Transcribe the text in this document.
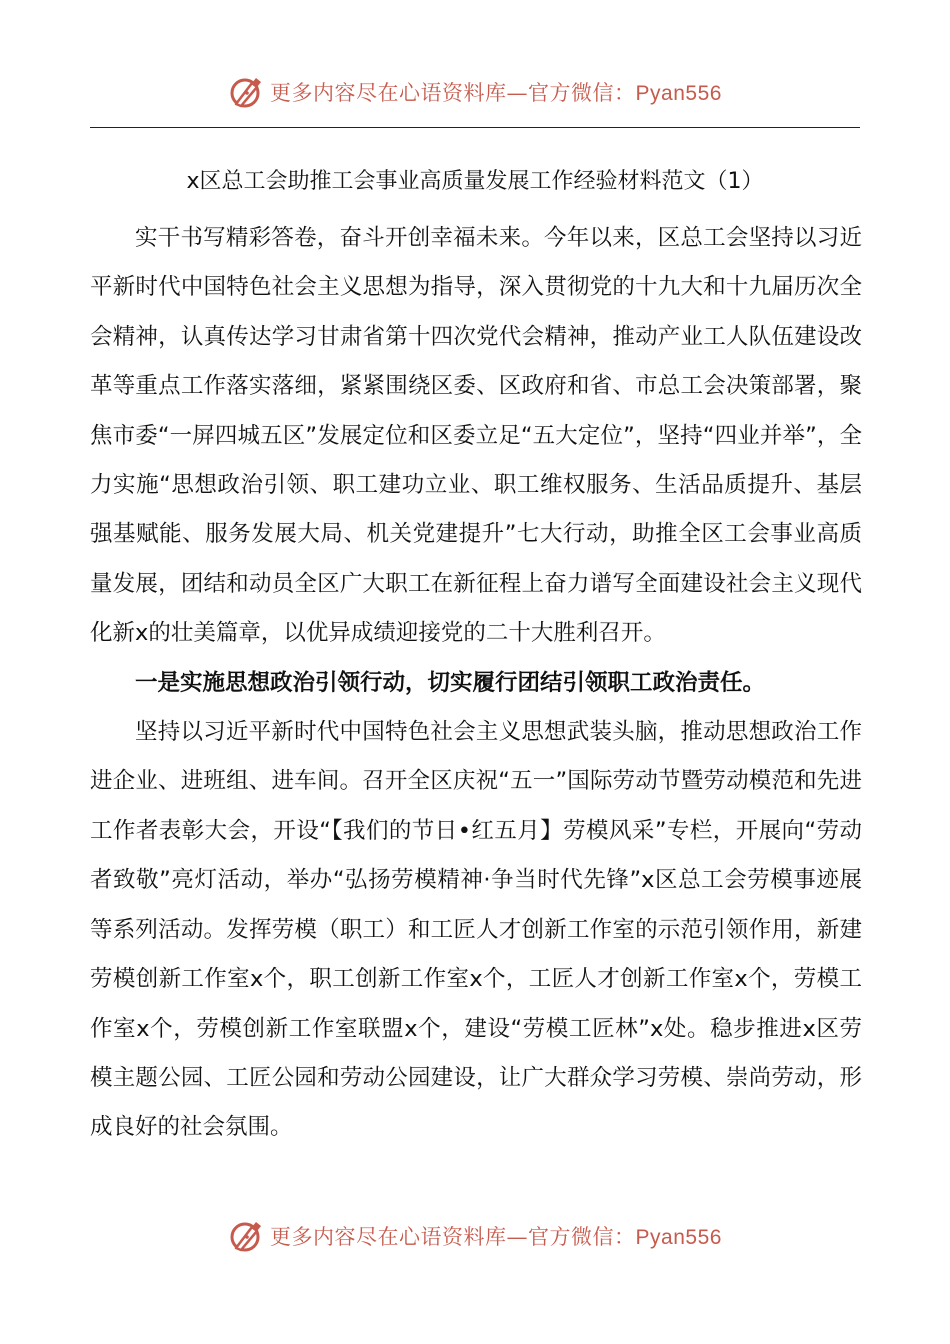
更多内容尽在心语资料库—官方微信：Pyan556
x区总工会助推工会事业高质量发展工作经验材料范文（1）

实干书写精彩答卷，奋斗开创幸福未来。今年以来，区总工会坚持以习近平新时代中国特色社会主义思想为指导，深入贯彻党的十九大和十九届历次全会精神，认真传达学习甘肃省第十四次党代会精神，推动产业工人队伍建设改革等重点工作落实落细，紧紧围绕区委、区政府和省、市总工会决策部署，聚焦市委“一屏四城五区”发展定位和区委立足“五大定位”，坚持“四业并举”，全力实施“思想政治引领、职工建功立业、职工维权服务、生活品质提升、基层强基赋能、服务发展大局、机关党建提升”七大行动，助推全区工会事业高质量发展，团结和动员全区广大职工在新征程上奋力谱写全面建设社会主义现代化新x的壮美篇章，以优异成绩迎接党的二十大胜利召开。

一是实施思想政治引领行动，切实履行团结引领职工政治责任。

坚持以习近平新时代中国特色社会主义思想武装头脑，推动思想政治工作进企业、进班组、进车间。召开全区庆祝“五一”国际劳动节暨劳动模范和先进工作者表彰大会，开设“【我们的节日•红五月】劳模风采”专栏，开展向“劳动者致敬”亮灯活动，举办“弘扬劳模精神·争当时代先锋”x区总工会劳模事迹展等系列活动。发挥劳模（职工）和工匠人才创新工作室的示范引领作用，新建劳模创新工作室x个，职工创新工作室x个，工匠人才创新工作室x个，劳模工作室x个，劳模创新工作室联盟x个，建设“劳模工匠林”x处。稳步推进x区劳模主题公园、工匠公园和劳动公园建设，让广大群众学习劳模、崇尚劳动，形成良好的社会氛围。

更多内容尽在心语资料库—官方微信：Pyan556
